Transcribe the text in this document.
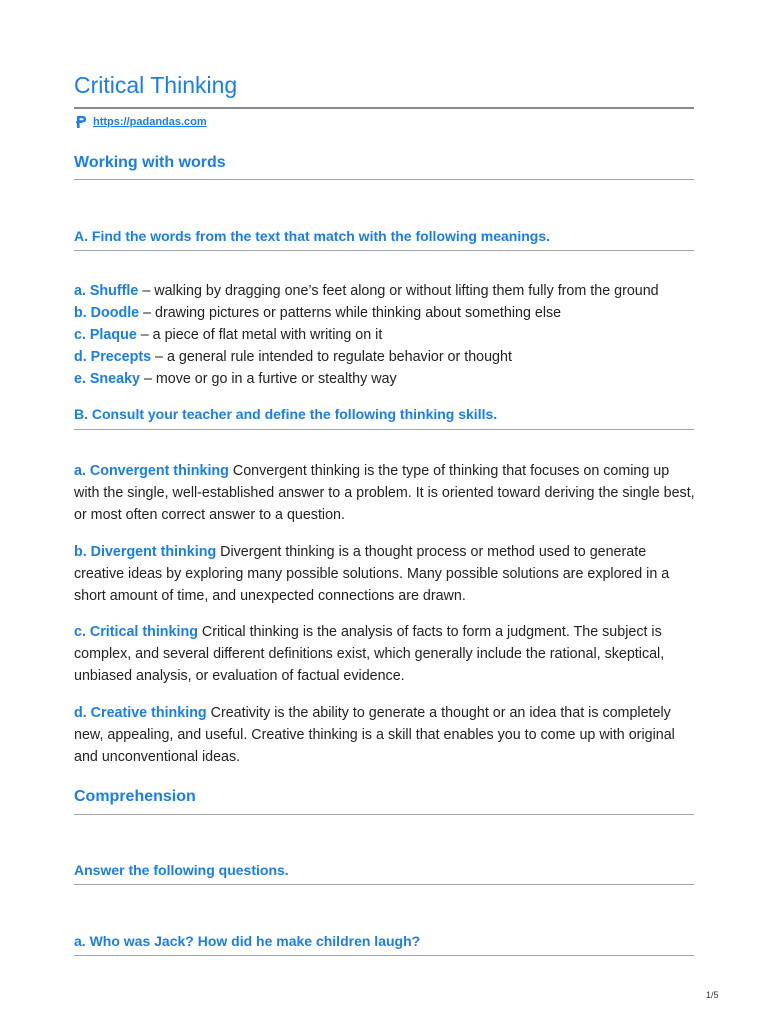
Critical Thinking
https://padandas.com
Working with words
A. Find the words from the text that match with the following meanings.
a. Shuffle – walking by dragging one’s feet along or without lifting them fully from the ground
b. Doodle – drawing pictures or patterns while thinking about something else
c. Plaque – a piece of flat metal with writing on it
d. Precepts – a general rule intended to regulate behavior or thought
e. Sneaky – move or go in a furtive or stealthy way
B. Consult your teacher and define the following thinking skills.

a. Convergent thinking Convergent thinking is the type of thinking that focuses on coming up with the single, well-established answer to a problem. It is oriented toward deriving the single best, or most often correct answer to a question.

b. Divergent thinking Divergent thinking is a thought process or method used to generate creative ideas by exploring many possible solutions. Many possible solutions are explored in a short amount of time, and unexpected connections are drawn.

c. Critical thinking Critical thinking is the analysis of facts to form a judgment. The subject is complex, and several different definitions exist, which generally include the rational, skeptical, unbiased analysis, or evaluation of factual evidence.

d. Creative thinking Creativity is the ability to generate a thought or an idea that is completely new, appealing, and useful. Creative thinking is a skill that enables you to come up with original and unconventional ideas.

Comprehension
Answer the following questions.
a. Who was Jack? How did he make children laugh?
1/5
